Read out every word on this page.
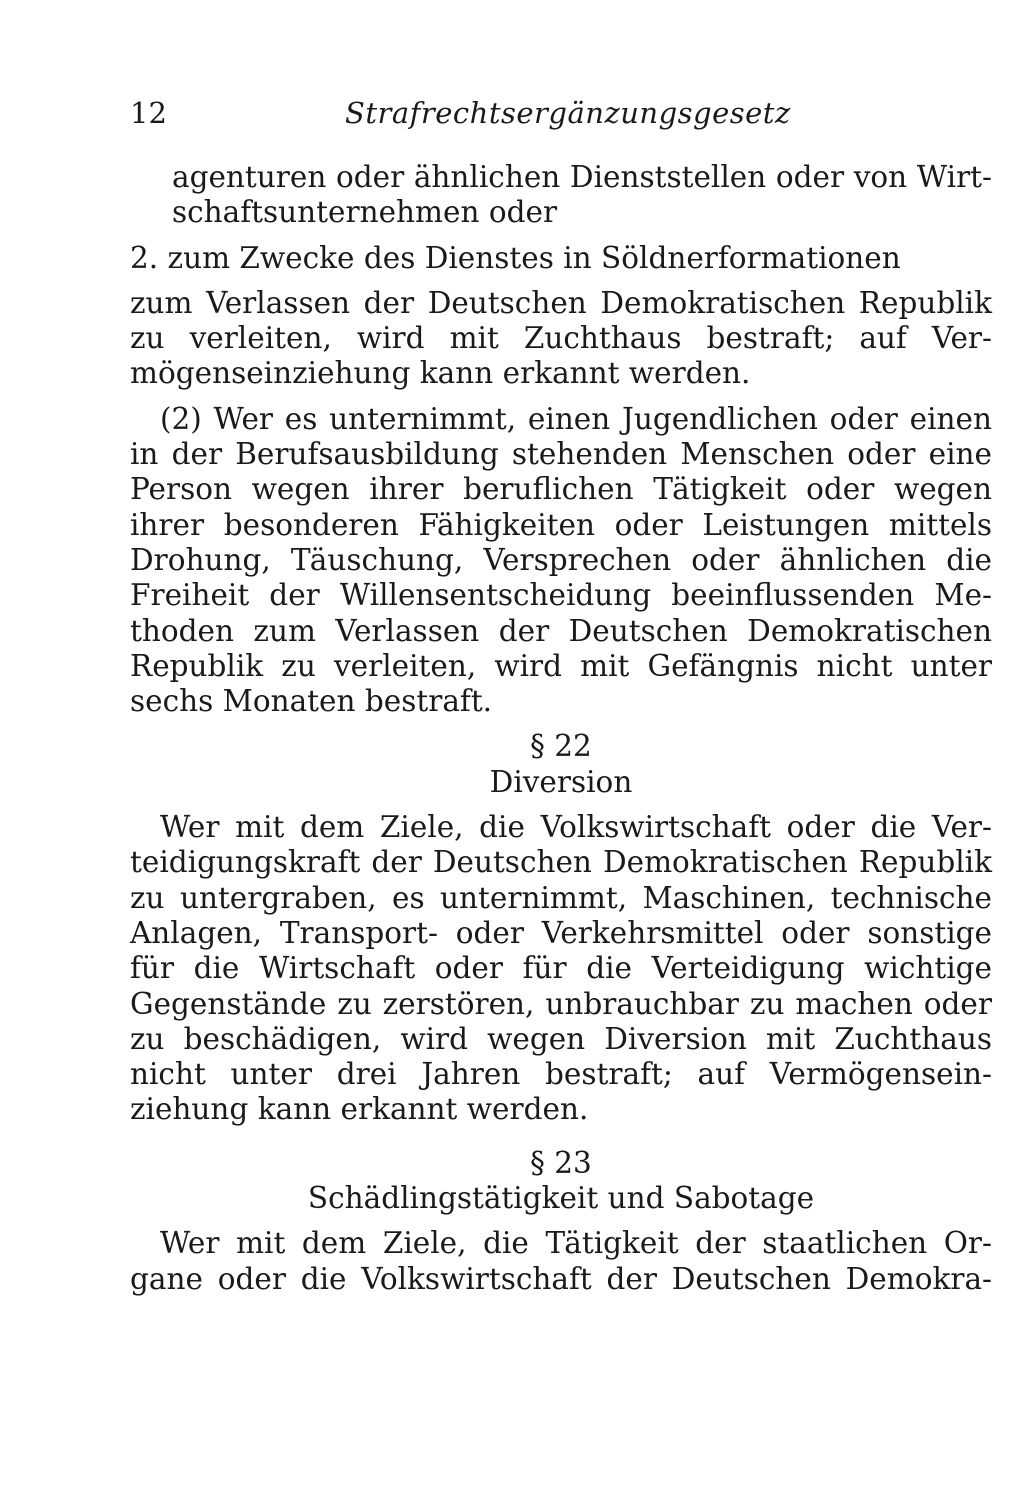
12	Strafrechtsergänzungsgesetz
agenturen oder ähnlichen Dienststellen oder von Wirt-
schaftsunternehmen oder
2. zum Zwecke des Dienstes in Söldnerformationen
zum Verlassen der Deutschen Demokratischen Republik
zu verleiten, wird mit Zuchthaus bestraft; auf Ver-
mögenseinziehung kann erkannt werden.
(2) Wer es unternimmt, einen Jugendlichen oder einen
in der Berufsausbildung stehenden Menschen oder eine
Person wegen ihrer beruflichen Tätigkeit oder wegen
ihrer besonderen Fähigkeiten oder Leistungen mittels
Drohung, Täuschung, Versprechen oder ähnlichen die
Freiheit der Willensentscheidung beeinflussenden Me-
thoden zum Verlassen der Deutschen Demokratischen
Republik zu verleiten, wird mit Gefängnis nicht unter
sechs Monaten bestraft.
§ 22
Diversion
Wer mit dem Ziele, die Volkswirtschaft oder die Ver-
teidigungskraft der Deutschen Demokratischen Republik
zu untergraben, es unternimmt, Maschinen, technische
Anlagen, Transport- oder Verkehrsmittel oder sonstige
für die Wirtschaft oder für die Verteidigung wichtige
Gegenstände zu zerstören, unbrauchbar zu machen oder
zu beschädigen, wird wegen Diversion mit Zuchthaus
nicht unter drei Jahren bestraft; auf Vermögensein-
ziehung kann erkannt werden.
§ 23
Schädlingstätigkeit und Sabotage
Wer mit dem Ziele, die Tätigkeit der staatlichen Or-
gane oder die Volkswirtschaft der Deutschen Demokra-
